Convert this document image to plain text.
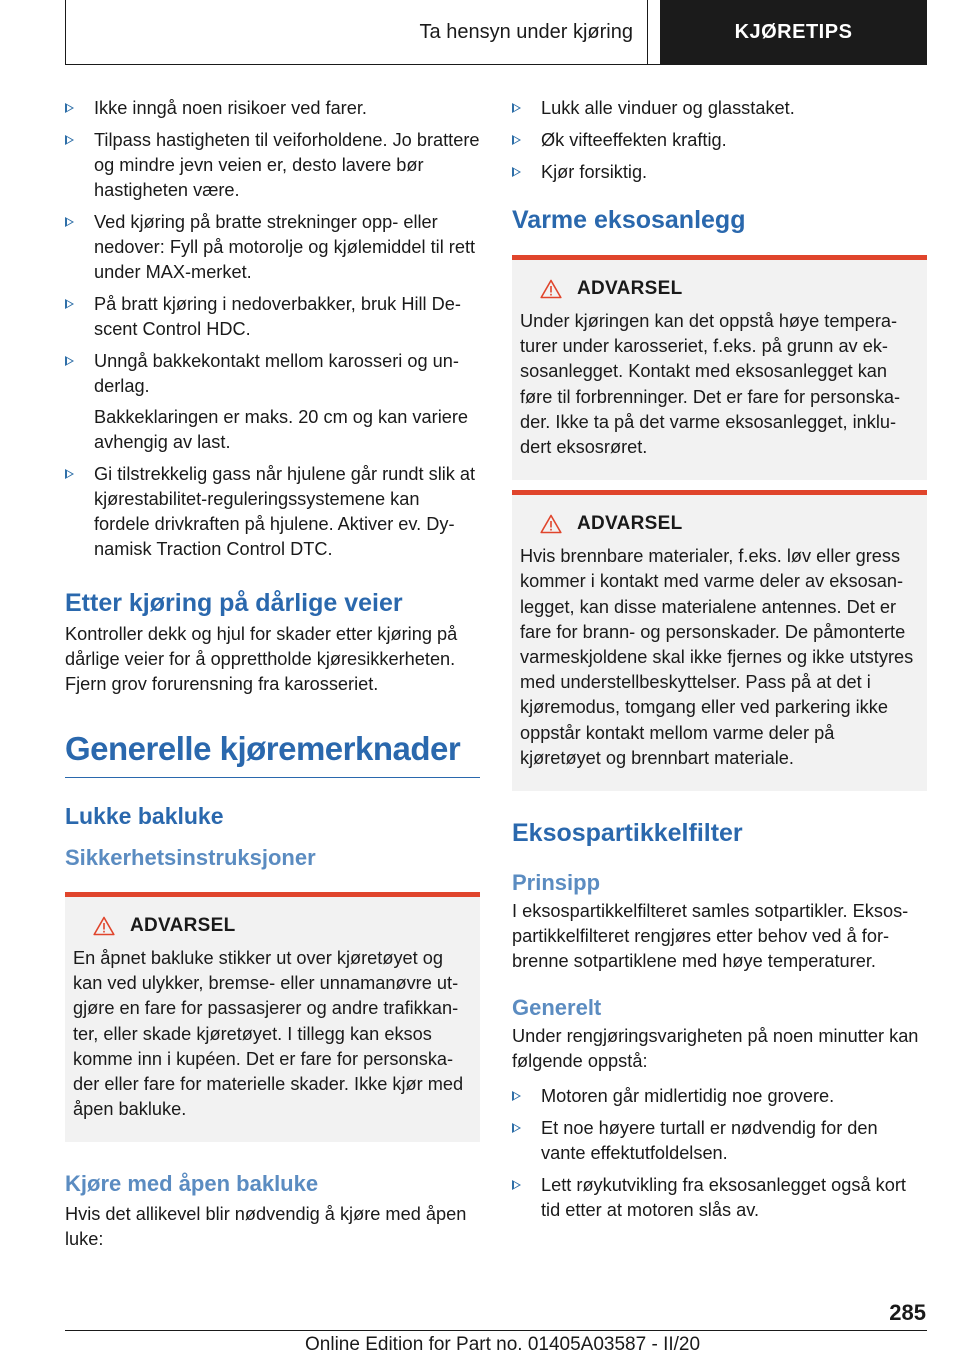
Ta hensyn under kjøring	KJØRETIPS
Ikke inngå noen risikoer ved farer.
Tilpass hastigheten til veiforholdene. Jo brattere og mindre jevn veien er, desto lavere bør hastigheten være.
Ved kjøring på bratte strekninger opp- eller nedover: Fyll på motorolje og kjølemiddel til rett under MAX-merket.
På bratt kjøring i nedoverbakker, bruk Hill Descent Control HDC.
Unngå bakkekontakt mellom karosseri og underlag.

Bakkeklaringen er maks. 20 cm og kan variere avhengig av last.

Gi tilstrekkelig gass når hjulene går rundt slik at kjørestabilitet-reguleringssystemene kan fordele drivkraften på hjulene. Aktiver ev. Dynamisk Traction Control DTC.
Etter kjøring på dårlige veier

Kontroller dekk og hjul for skader etter kjøring på dårlige veier for å opprettholde kjøresikkerheten. Fjern grov forurensning fra karosseriet.

Generelle kjøremerknader
Lukke bakluke
Sikkerhetsinstruksjoner
ADVARSEL

En åpnet bakluke stikker ut over kjøretøyet og kan ved ulykker, bremse- eller unnamanøvre utgjøre en fare for passasjerer og andre trafikkanter, eller skade kjøretøyet. I tillegg kan eksos komme inn i kupéen. Det er fare for personskader eller fare for materielle skader. Ikke kjør med åpen bakluke.

Kjøre med åpen bakluke

Hvis det allikevel blir nødvendig å kjøre med åpen luke:

Lukk alle vinduer og glasstaket.
Øk vifteeffekten kraftig.
Kjør forsiktig.
Varme eksosanlegg
ADVARSEL

Under kjøringen kan det oppstå høye temperaturer under karosseriet, f.eks. på grunn av eksosanlegget. Kontakt med eksosanlegget kan føre til forbrenninger. Det er fare for personskader. Ikke ta på det varme eksosanlegget, inkludert eksosrøret.

ADVARSEL

Hvis brennbare materialer, f.eks. løv eller gress kommer i kontakt med varme deler av eksosanlegget, kan disse materialene antennes. Det er fare for brann- og personskader. De påmonterte varmeskjoldene skal ikke fjernes og ikke utstyres med understellbeskyttelser. Pass på at det i kjøremodus, tomgang eller ved parkering ikke oppstår kontakt mellom varme deler på kjøretøyet og brennbart materiale.

Eksospartikkelfilter
Prinsipp

I eksospartikkelfilteret samles sotpartikler. Eksospartikkelfilteret rengjøres etter behov ved å forbrenne sotpartiklene med høye temperaturer.

Generelt

Under rengjøringsvarigheten på noen minutter kan følgende oppstå:

Motoren går midlertidig noe grovere.
Et noe høyere turtall er nødvendig for den vante effektutfoldelsen.
Lett røykutvikling fra eksosanlegget også kort tid etter at motoren slås av.
285
Online Edition for Part no. 01405A03587 - II/20
